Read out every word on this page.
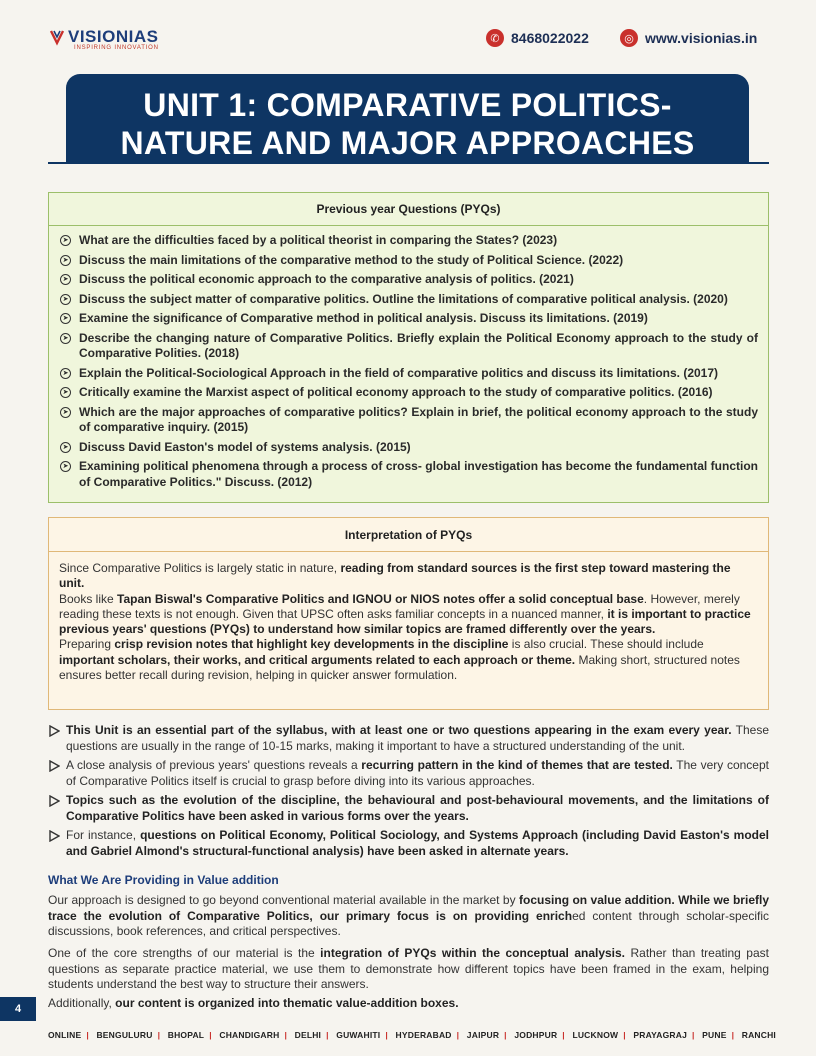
VISIONIAS
INSPIRING INNOVATION
✆ 8468022022	◎ www.visionias.in
UNIT 1: COMPARATIVE POLITICS-
NATURE AND MAJOR APPROACHES
Previous year Questions (PYQs)
➤ What are the difficulties faced by a political theorist in comparing the States? (2023)
➤ Discuss the main limitations of the comparative method to the study of Political Science. (2022)
➤ Discuss the political economic approach to the comparative analysis of politics. (2021)
➤ Discuss the subject matter of comparative politics. Outline the limitations of comparative political analysis. (2020)
➤ Examine the significance of Comparative method in political analysis. Discuss its limitations. (2019)
➤ Describe the changing nature of Comparative Politics. Briefly explain the Political Economy approach to the study of Comparative Polities. (2018)
➤ Explain the Political-Sociological Approach in the field of comparative politics and discuss its limitations. (2017)
➤ Critically examine the Marxist aspect of political economy approach to the study of comparative politics. (2016)
➤ Which are the major approaches of comparative politics? Explain in brief, the political economy approach to the study of comparative inquiry. (2015)
➤ Discuss David Easton's model of systems analysis. (2015)
➤ Examining political phenomena through a process of cross- global investigation has become the fundamental function of Comparative Politics." Discuss. (2012)
Interpretation of PYQs

Since Comparative Politics is largely static in nature, reading from standard sources is the first step toward mastering the unit.

Books like Tapan Biswal's Comparative Politics and IGNOU or NIOS notes offer a solid conceptual base. However, merely reading these texts is not enough. Given that UPSC often asks familiar concepts in a nuanced manner, it is important to practice previous years' questions (PYQs) to understand how similar topics are framed differently over the years.

Preparing crisp revision notes that highlight key developments in the discipline is also crucial. These should include important scholars, their works, and critical arguments related to each approach or theme. Making short, structured notes ensures better recall during revision, helping in quicker answer formulation.

This Unit is an essential part of the syllabus, with at least one or two questions appearing in the exam every year. These questions are usually in the range of 10-15 marks, making it important to have a structured understanding of the unit.
A close analysis of previous years' questions reveals a recurring pattern in the kind of themes that are tested. The very concept of Comparative Politics itself is crucial to grasp before diving into its various approaches.
Topics such as the evolution of the discipline, the behavioural and post-behavioural movements, and the limitations of Comparative Politics have been asked in various forms over the years.
For instance, questions on Political Economy, Political Sociology, and Systems Approach (including David Easton's model and Gabriel Almond's structural-functional analysis) have been asked in alternate years.
What We Are Providing in Value addition
Our approach is designed to go beyond conventional material available in the market by focusing on value addition. While we briefly trace the evolution of Comparative Politics, our primary focus is on providing enriched content through scholar-specific discussions, book references, and critical perspectives.
One of the core strengths of our material is the integration of PYQs within the conceptual analysis. Rather than treating past questions as separate practice material, we use them to demonstrate how different topics have been framed in the exam, helping students understand the best way to structure their answers.
Additionally, our content is organized into thematic value-addition boxes.
4
ONLINE | BENGULURU | BHOPAL | CHANDIGARH | DELHI | GUWAHITI | HYDERABAD | JAIPUR | JODHPUR | LUCKNOW | PRAYAGRAJ | PUNE | RANCHI
